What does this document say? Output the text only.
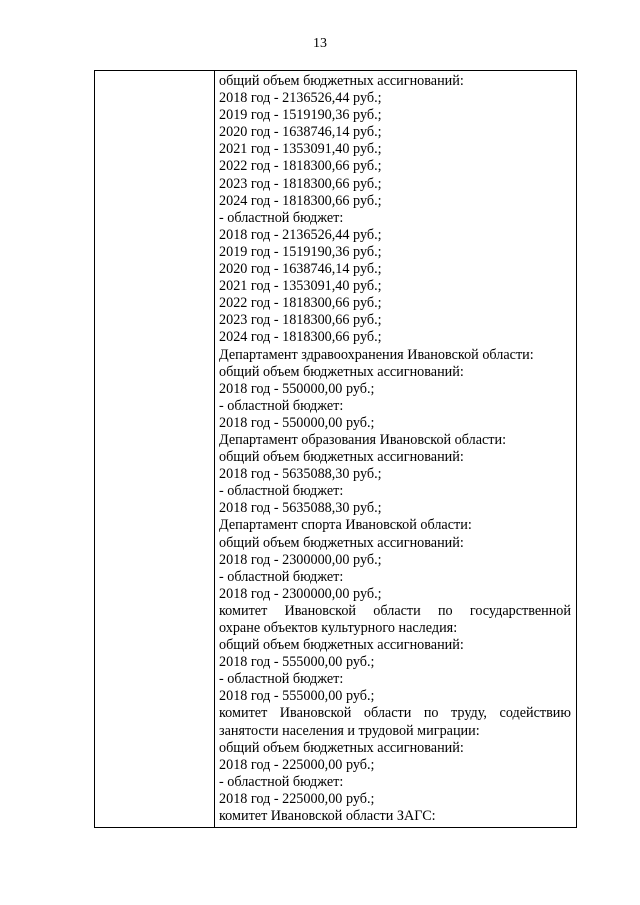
13
общий объем бюджетных ассигнований:
2018 год - 2136526,44 руб.;
2019 год - 1519190,36 руб.;
2020 год - 1638746,14 руб.;
2021 год - 1353091,40 руб.;
2022 год - 1818300,66 руб.;
2023 год - 1818300,66 руб.;
2024 год - 1818300,66 руб.;
- областной бюджет:
2018 год - 2136526,44 руб.;
2019 год - 1519190,36 руб.;
2020 год - 1638746,14 руб.;
2021 год - 1353091,40 руб.;
2022 год - 1818300,66 руб.;
2023 год - 1818300,66 руб.;
2024 год - 1818300,66 руб.;
Департамент здравоохранения Ивановской области:
общий объем бюджетных ассигнований:
2018 год - 550000,00 руб.;
- областной бюджет:
2018 год - 550000,00 руб.;
Департамент образования Ивановской области:
общий объем бюджетных ассигнований:
2018 год - 5635088,30 руб.;
- областной бюджет:
2018 год - 5635088,30 руб.;
Департамент спорта Ивановской области:
общий объем бюджетных ассигнований:
2018 год - 2300000,00 руб.;
- областной бюджет:
2018 год - 2300000,00 руб.;
комитет Ивановской области по государственной
охране объектов культурного наследия:
общий объем бюджетных ассигнований:
2018 год - 555000,00 руб.;
- областной бюджет:
2018 год - 555000,00 руб.;
комитет Ивановской области по труду, содействию
занятости населения и трудовой миграции:
общий объем бюджетных ассигнований:
2018 год - 225000,00 руб.;
- областной бюджет:
2018 год - 225000,00 руб.;
комитет Ивановской области ЗАГС:
